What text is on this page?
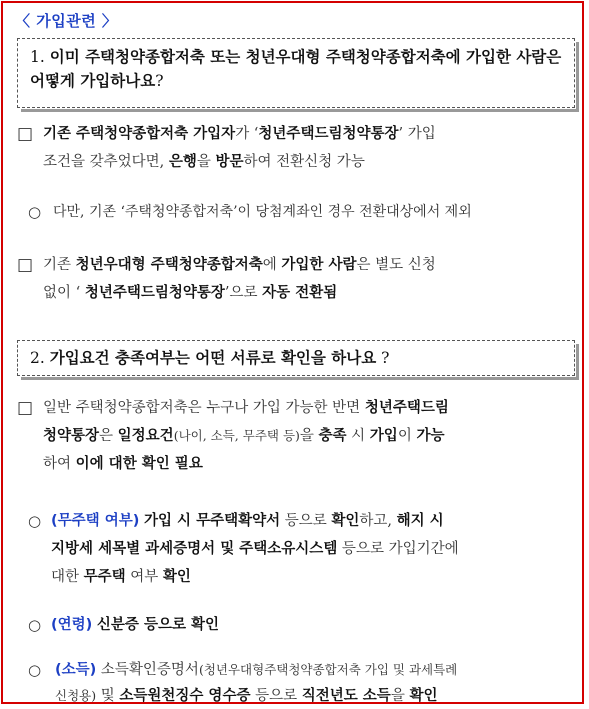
〈 가입관련 〉
1. 이미 주택청약종합저축 또는 청년우대형 주택청약종합저축에 가입한 사람은 어떻게 가입하나요?
□ 기존 주택청약종합저축 가입자가 ‘청년주택드림청약통장’ 가입
조건을 갖추었다면, 은행을 방문하여 전환신청 가능
○ 다만, 기존 ‘주택청약종합저축’이 당첨계좌인 경우 전환대상에서 제외
□ 기존 청년우대형 주택청약종합저축에 가입한 사람은 별도 신청
없이 ‘ 청년주택드림청약통장’으로 자동 전환됨
2. 가입요건 충족여부는 어떤 서류로 확인을 하나요 ?
□ 일반 주택청약종합저축은 누구나 가입 가능한 반면 청년주택드림
청약통장은 일정요건(나이, 소득, 무주택 등)을 충족 시 가입이 가능
하여 이에 대한 확인 필요
○ (무주택 여부) 가입 시 무주택확약서 등으로 확인하고, 해지 시
지방세 세목별 과세증명서 및 주택소유시스템 등으로 가입기간에
대한 무주택 여부 확인
○ (연령) 신분증 등으로 확인
○ (소득) 소득확인증명서(청년우대형주택청약종합저축 가입 및 과세특례
신청용) 및 소득원천징수 영수증 등으로 직전년도 소득을 확인
